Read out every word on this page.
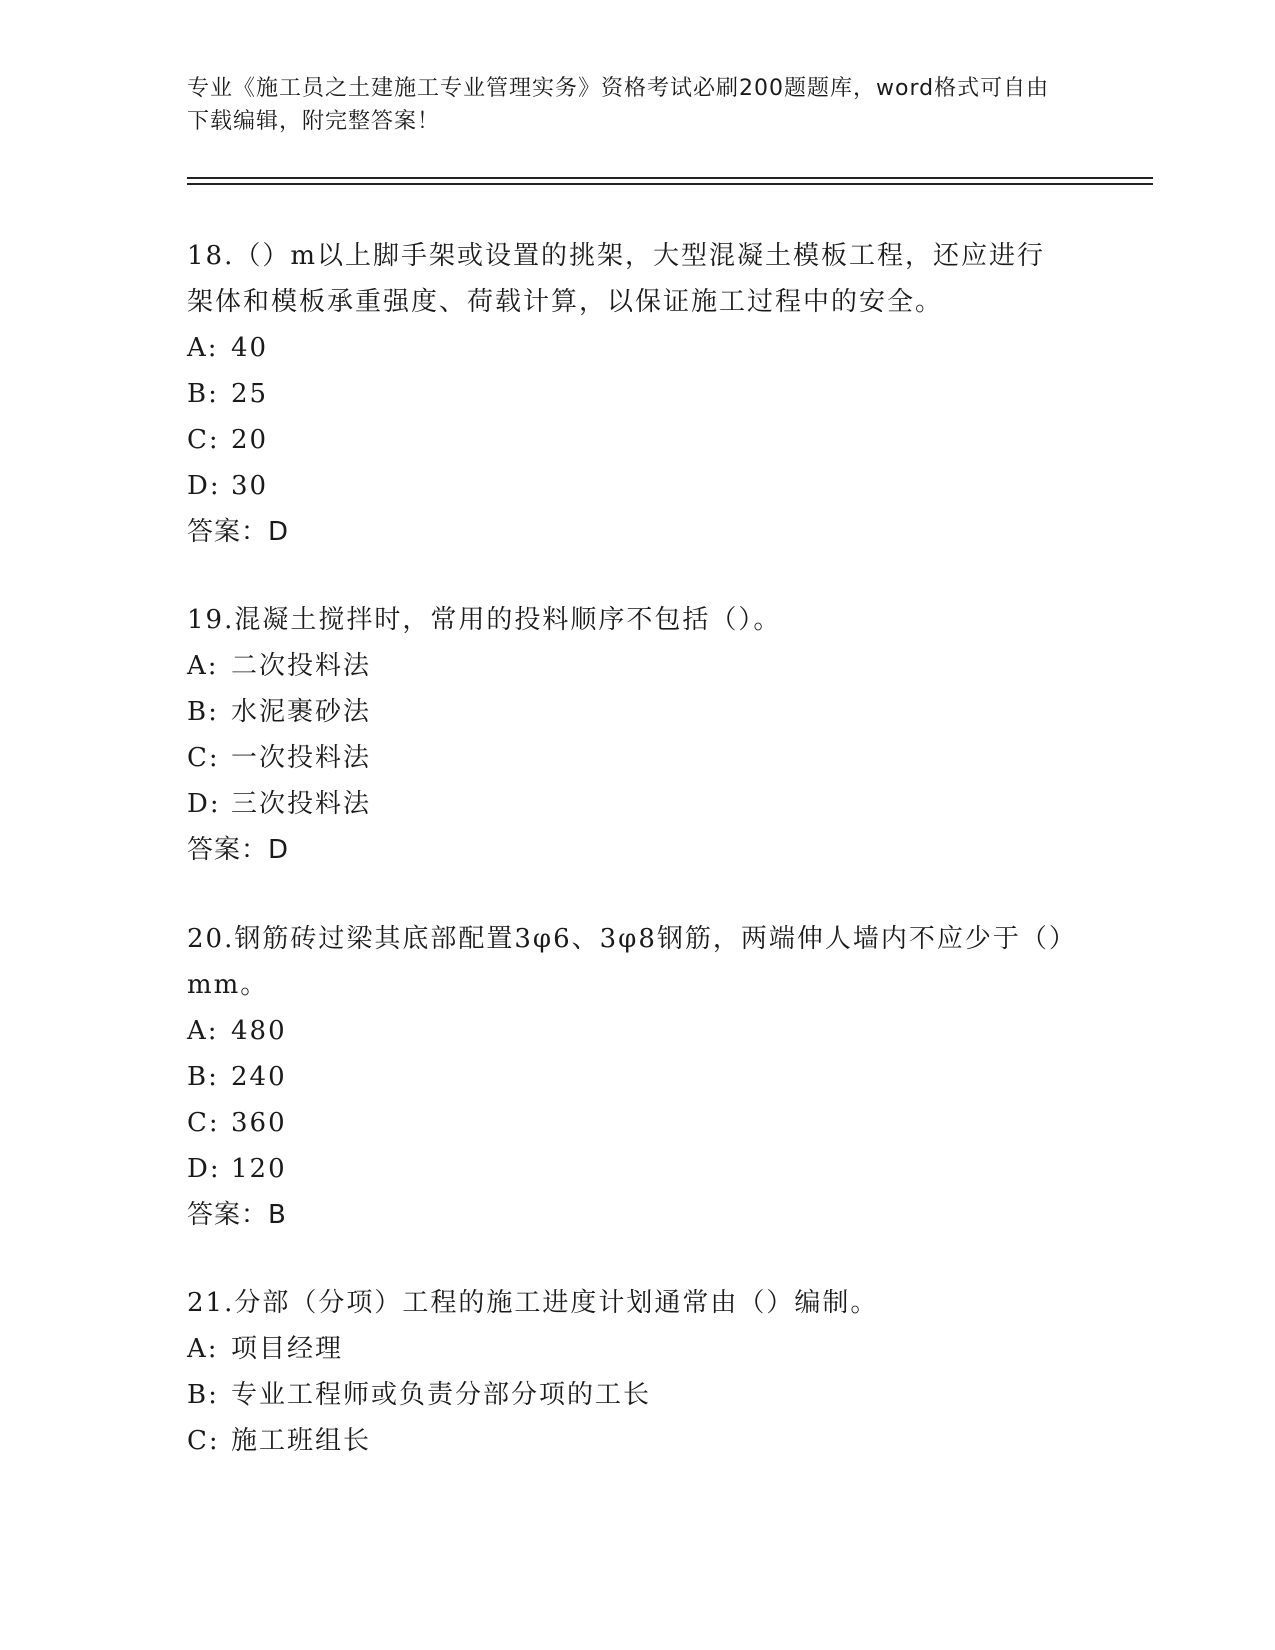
专业《施工员之土建施工专业管理实务》资格考试必刷200题题库，word格式可自由下载编辑，附完整答案！

18.（）m以上脚手架或设置的挑架，大型混凝土模板工程，还应进行架体和模板承重强度、荷载计算，以保证施工过程中的安全。

A: 40
B: 25
C: 20
D: 30
答案：D

19.混凝土搅拌时，常用的投料顺序不包括（）。

A: 二次投料法
B: 水泥裹砂法
C: 一次投料法
D: 三次投料法
答案：D

20.钢筋砖过梁其底部配置3φ6、3φ8钢筋，两端伸人墙内不应少于（）mm。

A: 480
B: 240
C: 360
D: 120
答案：B

21.分部（分项）工程的施工进度计划通常由（）编制。

A: 项目经理
B: 专业工程师或负责分部分项的工长
C: 施工班组长
